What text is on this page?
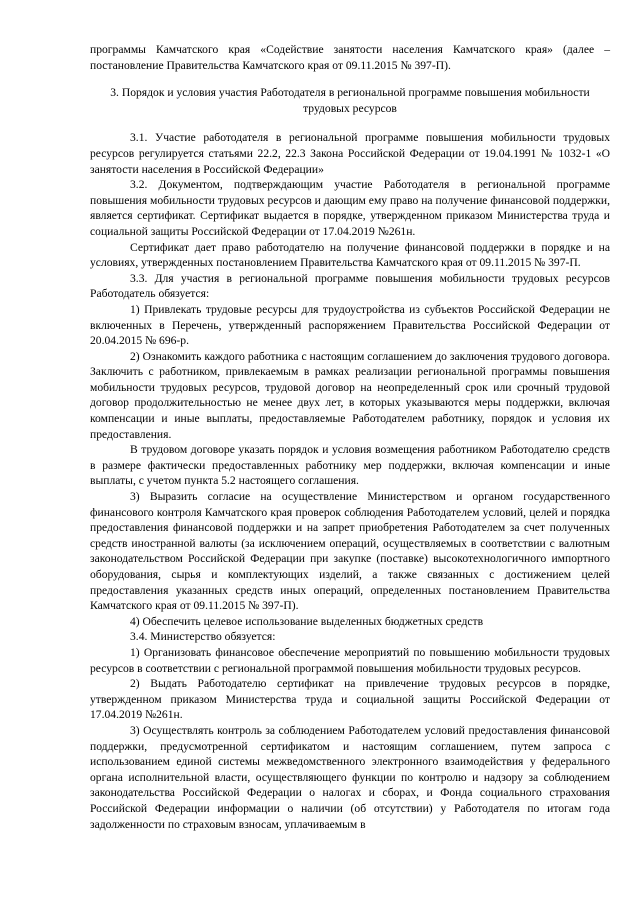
программы Камчатского края «Содействие занятости населения Камчатского края» (далее – постановление Правительства Камчатского края от 09.11.2015 № 397-П).

3. Порядок и условия участия Работодателя в региональной программе повышения мобильности трудовых ресурсов

3.1. Участие работодателя в региональной программе повышения мобильности трудовых ресурсов регулируется статьями 22.2, 22.3 Закона Российской Федерации от 19.04.1991 № 1032-1 «О занятости населения в Российской Федерации»

3.2. Документом, подтверждающим участие Работодателя в региональной программе повышения мобильности трудовых ресурсов и дающим ему право на получение финансовой поддержки, является сертификат. Сертификат выдается в порядке, утвержденном приказом Министерства труда и социальной защиты Российской Федерации от 17.04.2019 №261н.

Сертификат дает право работодателю на получение финансовой поддержки в порядке и на условиях, утвержденных постановлением Правительства Камчатского края от 09.11.2015 № 397-П.

3.3. Для участия в региональной программе повышения мобильности трудовых ресурсов Работодатель обязуется:

1) Привлекать трудовые ресурсы для трудоустройства из субъектов Российской Федерации не включенных в Перечень, утвержденный распоряжением Правительства Российской Федерации от 20.04.2015 № 696-р.

2) Ознакомить каждого работника с настоящим соглашением до заключения трудового договора. Заключить с работником, привлекаемым в рамках реализации региональной программы повышения мобильности трудовых ресурсов, трудовой договор на неопределенный срок или срочный трудовой договор продолжительностью не менее двух лет, в которых указываются меры поддержки, включая компенсации и иные выплаты, предоставляемые Работодателем работнику, порядок и условия их предоставления.

В трудовом договоре указать порядок и условия возмещения работником Работодателю средств в размере фактически предоставленных работнику мер поддержки, включая компенсации и иные выплаты, с учетом пункта 5.2 настоящего соглашения.

3) Выразить согласие на осуществление Министерством и органом государственного финансового контроля Камчатского края проверок соблюдения Работодателем условий, целей и порядка предоставления финансовой поддержки и на запрет приобретения Работодателем за счет полученных средств иностранной валюты (за исключением операций, осуществляемых в соответствии с валютным законодательством Российской Федерации при закупке (поставке) высокотехнологичного импортного оборудования, сырья и комплектующих изделий, а также связанных с достижением целей предоставления указанных средств иных операций, определенных постановлением Правительства Камчатского края от 09.11.2015 № 397-П).

4) Обеспечить целевое использование выделенных бюджетных средств

3.4. Министерство обязуется:

1) Организовать финансовое обеспечение мероприятий по повышению мобильности трудовых ресурсов в соответствии с региональной программой повышения мобильности трудовых ресурсов.

2) Выдать Работодателю сертификат на привлечение трудовых ресурсов в порядке, утвержденном приказом Министерства труда и социальной защиты Российской Федерации от 17.04.2019 №261н.

3) Осуществлять контроль за соблюдением Работодателем условий предоставления финансовой поддержки, предусмотренной сертификатом и настоящим соглашением, путем запроса с использованием единой системы межведомственного электронного взаимодействия у федерального органа исполнительной власти, осуществляющего функции по контролю и надзору за соблюдением законодательства Российской Федерации о налогах и сборах, и Фонда социального страхования Российской Федерации информации о наличии (об отсутствии) у Работодателя по итогам года задолженности по страховым взносам, уплачиваемым в
